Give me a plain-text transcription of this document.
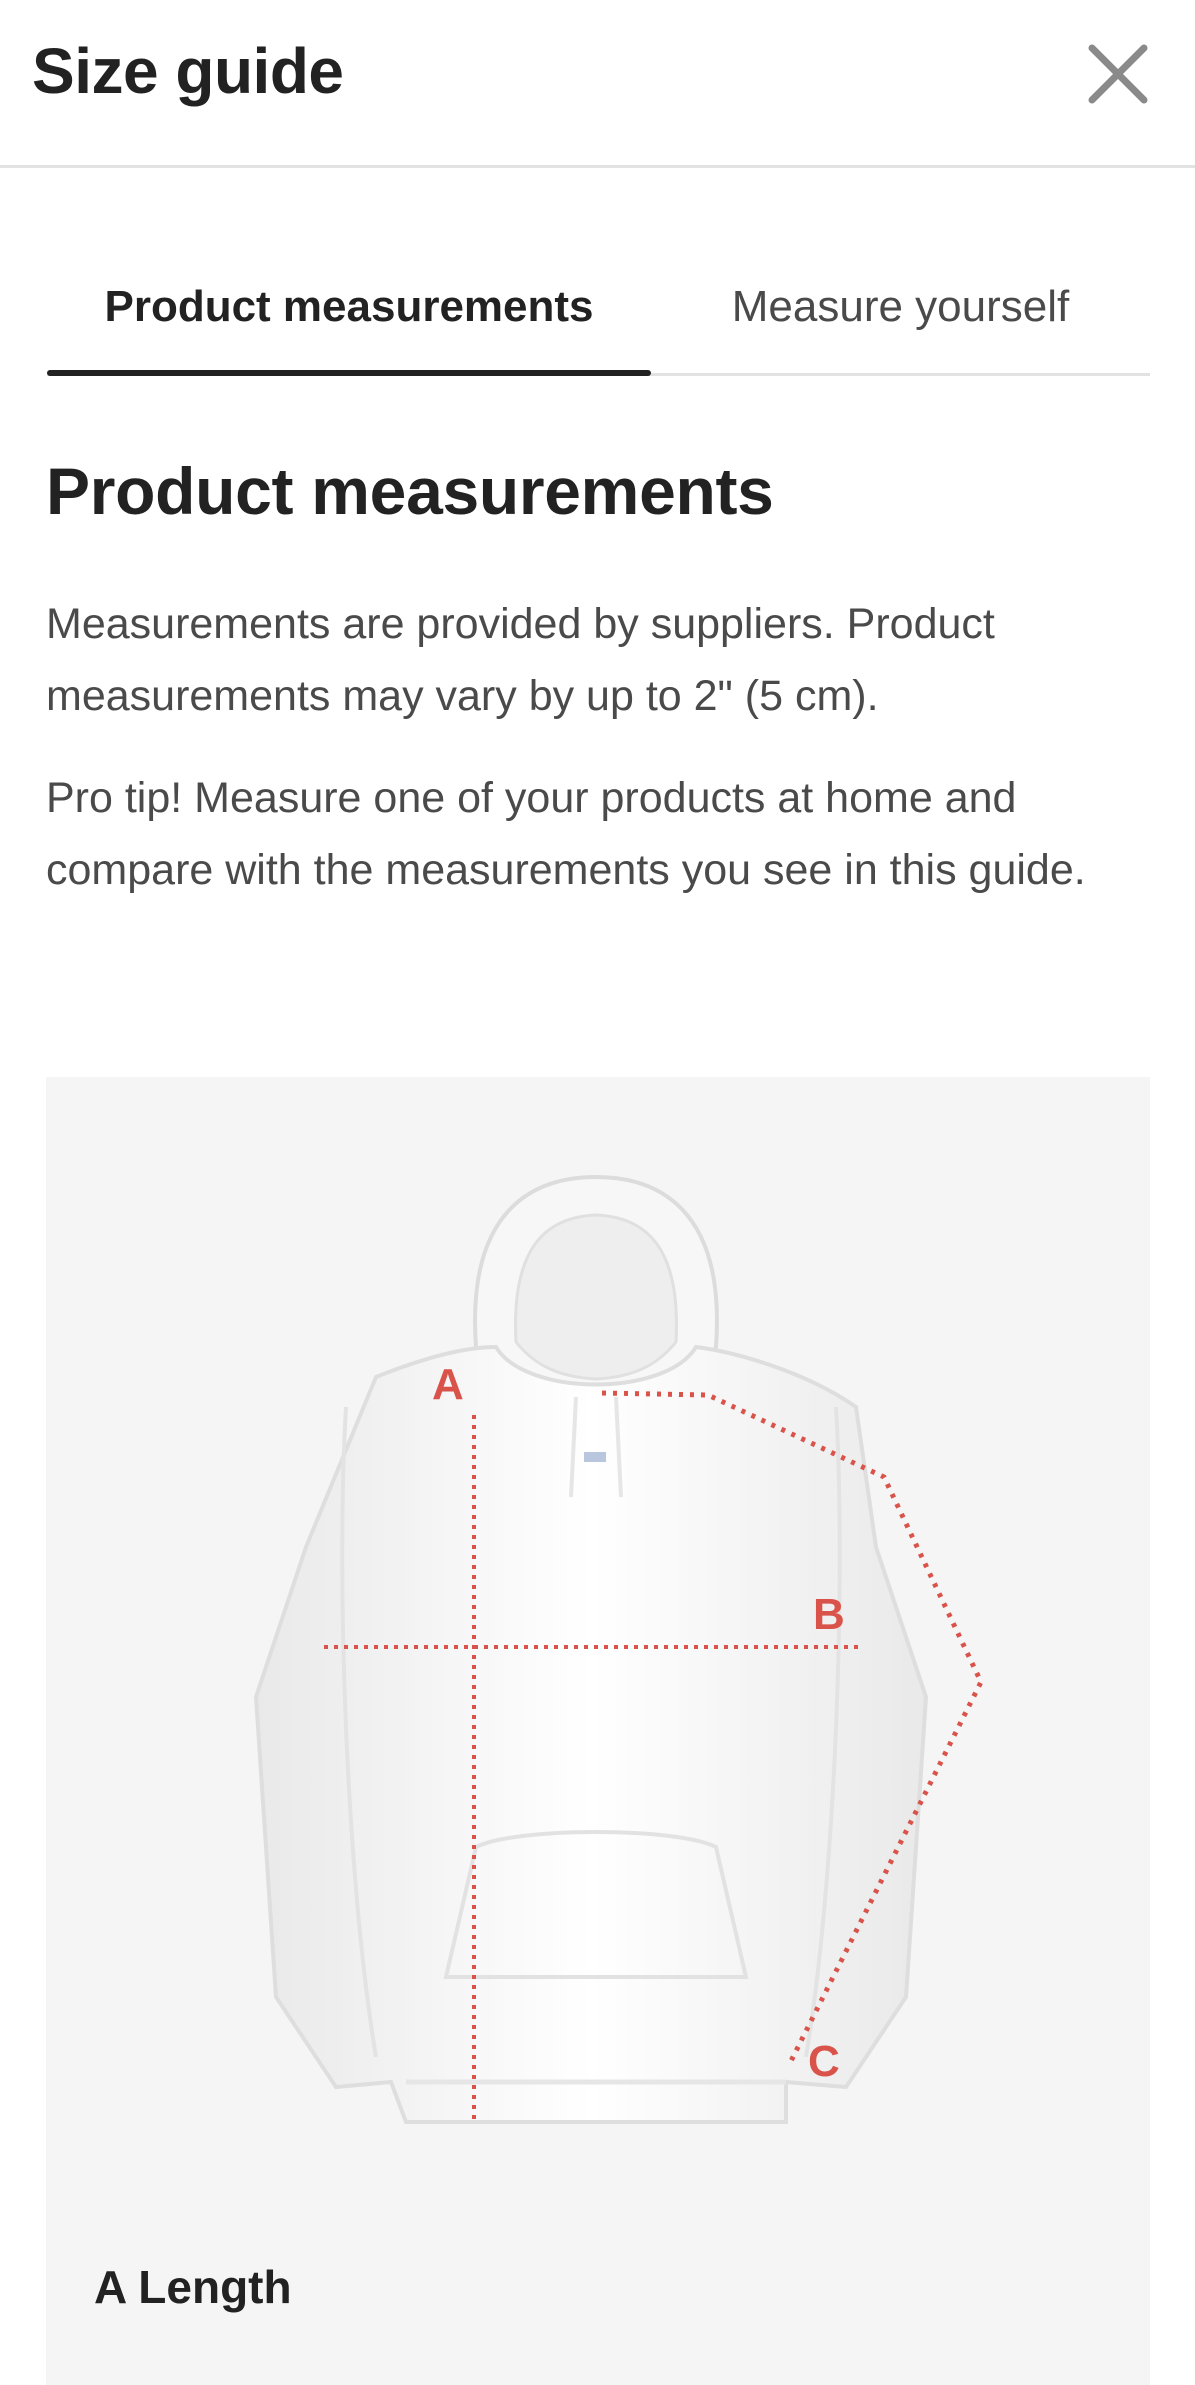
Size guide
Product measurements	Measure yourself
Product measurements

Measurements are provided by suppliers. Product measurements may vary by up to 2" (5 cm).

Pro tip! Measure one of your products at home and compare with the measurements you see in this guide.

A
B
C
A Length
